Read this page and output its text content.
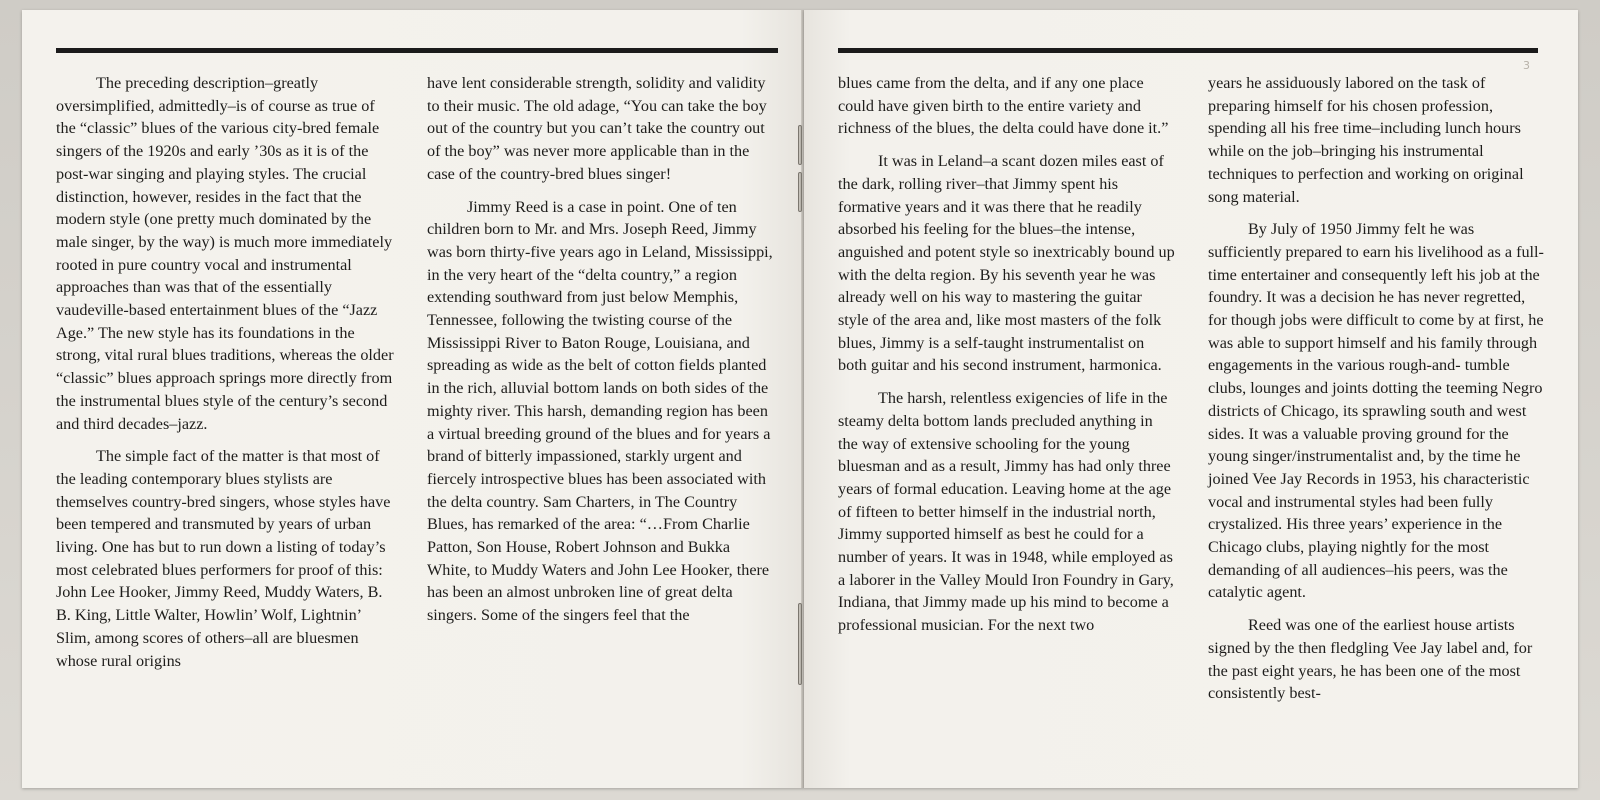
The preceding description–greatly oversimplified, admittedly–is of course as true of the “classic” blues of the various city-bred female singers of the 1920s and early ’30s as it is of the post-war singing and playing styles. The crucial distinction, however, resides in the fact that the modern style (one pretty much dominated by the male singer, by the way) is much more immediately rooted in pure country vocal and instrumental approaches than was that of the essentially vaudeville-based entertainment blues of the “Jazz Age.” The new style has its foundations in the strong, vital rural blues traditions, whereas the older “classic” blues approach springs more directly from the instrumental blues style of the century’s second and third decades–jazz.

The simple fact of the matter is that most of the leading contemporary blues stylists are themselves country-bred singers, whose styles have been tempered and transmuted by years of urban living. One has but to run down a listing of today’s most celebrated blues performers for proof of this: John Lee Hooker, Jimmy Reed, Muddy Waters, B. B. King, Little Walter, Howlin’ Wolf, Lightnin’ Slim, among scores of others–all are bluesmen whose rural origins

have lent considerable strength, solidity and validity to their music. The old adage, “You can take the boy out of the country but you can’t take the country out of the boy” was never more applicable than in the case of the country-bred blues singer!

Jimmy Reed is a case in point. One of ten children born to Mr. and Mrs. Joseph Reed, Jimmy was born thirty-five years ago in Leland, Mississippi, in the very heart of the “delta country,” a region extending southward from just below Memphis, Tennessee, following the twisting course of the Mississippi River to Baton Rouge, Louisiana, and spreading as wide as the belt of cotton fields planted in the rich, alluvial bottom lands on both sides of the mighty river. This harsh, demanding region has been a virtual breeding ground of the blues and for years a brand of bitterly impassioned, starkly urgent and fiercely introspective blues has been associated with the delta country. Sam Charters, in The Country Blues, has remarked of the area: “…From Charlie Patton, Son House, Robert Johnson and Bukka White, to Muddy Waters and John Lee Hooker, there has been an almost unbroken line of great delta singers. Some of the singers feel that the

3

blues came from the delta, and if any one place could have given birth to the entire variety and richness of the blues, the delta could have done it.”

It was in Leland–a scant dozen miles east of the dark, rolling river–that Jimmy spent his formative years and it was there that he readily absorbed his feeling for the blues–the intense, anguished and potent style so inextricably bound up with the delta region. By his seventh year he was already well on his way to mastering the guitar style of the area and, like most masters of the folk blues, Jimmy is a self-taught instrumentalist on both guitar and his second instrument, harmonica.

The harsh, relentless exigencies of life in the steamy delta bottom lands precluded anything in the way of extensive schooling for the young bluesman and as a result, Jimmy has had only three years of formal education. Leaving home at the age of fifteen to better himself in the industrial north, Jimmy supported himself as best he could for a number of years. It was in 1948, while employed as a laborer in the Valley Mould Iron Foundry in Gary, Indiana, that Jimmy made up his mind to become a professional musician. For the next two

years he assiduously labored on the task of preparing himself for his chosen profession, spending all his free time–including lunch hours while on the job–bringing his instrumental techniques to perfection and working on original song material.

By July of 1950 Jimmy felt he was sufficiently prepared to earn his livelihood as a full-time entertainer and consequently left his job at the foundry. It was a decision he has never regretted, for though jobs were difficult to come by at first, he was able to support himself and his family through engagements in the various rough-and- tumble clubs, lounges and joints dotting the teeming Negro districts of Chicago, its sprawling south and west sides. It was a valuable proving ground for the young singer/instrumentalist and, by the time he joined Vee Jay Records in 1953, his characteristic vocal and instrumental styles had been fully crystalized. His three years’ experience in the Chicago clubs, playing nightly for the most demanding of all audiences–his peers, was the catalytic agent.

Reed was one of the earliest house artists signed by the then fledgling Vee Jay label and, for the past eight years, he has been one of the most consistently best-
